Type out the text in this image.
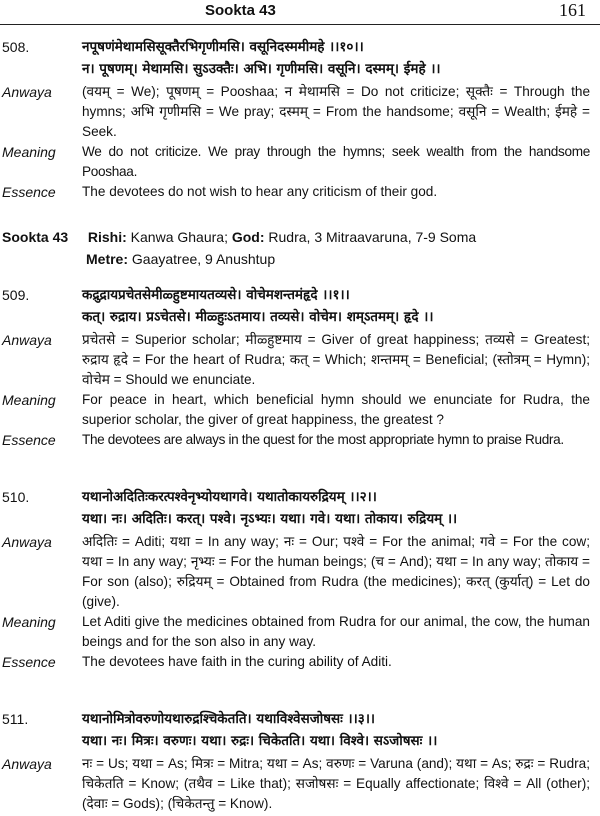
Sookta 43	161
508.	नपूषणंमेथामसिसूक्तैरभिगृणीमसि। वसूनिदस्ममीमहे ।।१०।।
न। पूषणम्। मेथामसि। सुऽउक्तैः। अभि। गृणीमसि। वसूनि। दस्मम्। ईमहे ।।
Anwaya	(वयम् = We); पूषणम् = Pooshaa; न मेथामसि = Do not criticize; सूक्तैः = Through the hymns; अभि गृणीमसि = We pray; दस्मम् = From the handsome; वसूनि = Wealth; ईमहे = Seek.
Meaning	We do not criticize. We pray through the hymns; seek wealth from the handsome Pooshaa.
Essence	The devotees do not wish to hear any criticism of their god.
Sookta 43 Rishi: Kanwa Ghaura; God: Rudra, 3 Mitraavaruna, 7-9 Soma
Metre: Gaayatree, 9 Anushtup
509.	कद्रुद्रायप्रचेतसेमीळ्हुष्टमायतव्यसे। वोचेमशन्तमंहृदे ।।१।।
कत्। रुद्राय। प्रऽचेतसे। मीळ्हुःऽतमाय। तव्यसे। वोचेम। शम्ऽतमम्। हृदे ।।
Anwaya	प्रचेतसे = Superior scholar; मीळ्हुष्टमाय = Giver of great happiness; तव्यसे = Greatest; रुद्राय हृदे = For the heart of Rudra; कत् = Which; शन्तमम् = Beneficial; (स्तोत्रम् = Hymn); वोचेम = Should we enunciate.
Meaning	For peace in heart, which beneficial hymn should we enunciate for Rudra, the superior scholar, the giver of great happiness, the greatest ?
Essence	The devotees are always in the quest for the most appropriate hymn to praise Rudra.
510.	यथानोअदितिःकरत्पश्वेनृभ्योयथागवे। यथातोकायरुद्रियम् ।।२।।
यथा। नः। अदितिः। करत्। पश्वे। नृऽभ्यः। यथा। गवे। यथा। तोकाय। रुद्रियम् ।।
Anwaya	अदितिः = Aditi; यथा = In any way; नः = Our; पश्वे = For the animal; गवे = For the cow; यथा = In any way; नृभ्यः = For the human beings; (च = And); यथा = In any way; तोकाय = For son (also); रुद्रियम् = Obtained from Rudra (the medicines); करत् (कुर्यात्) = Let do (give).
Meaning	Let Aditi give the medicines obtained from Rudra for our animal, the cow, the human beings and for the son also in any way.
Essence	The devotees have faith in the curing ability of Aditi.
511.	यथानोमित्रोवरुणोयथारुद्रश्चिकेतति। यथाविश्वेसजोषसः ।।३।।
यथा। नः। मित्रः। वरुणः। यथा। रुद्रः। चिकेतति। यथा। विश्वे। सऽजोषसः ।।
Anwaya	नः = Us; यथा = As; मित्रः = Mitra; यथा = As; वरुणः = Varuna (and); यथा = As; रुद्रः = Rudra; चिकेतति = Know; (तथैव = Like that); सजोषसः = Equally affectionate; विश्वे = All (other); (देवाः = Gods); (चिकेतन्तु = Know).
